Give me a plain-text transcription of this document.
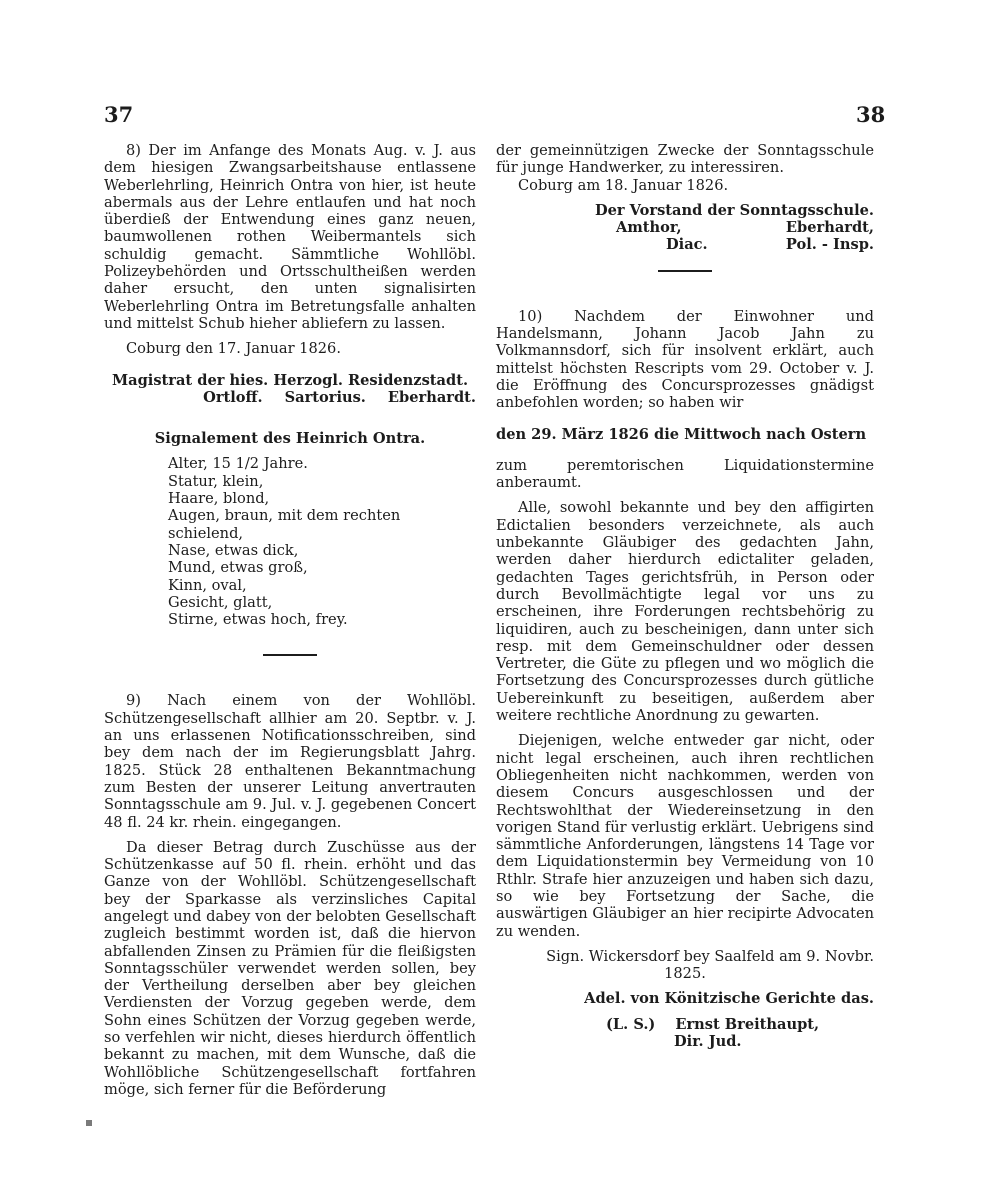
37	38

8) Der im Anfange des Monats Aug. v. J. aus dem hiesigen Zwangsarbeitshause entlassene Weberlehrling, Heinrich Ontra von hier, ist heute abermals aus der Lehre entlaufen und hat noch überdieß der Entwendung eines ganz neuen, baumwollenen rothen Weibermantels sich schuldig gemacht. Sämmtliche Wohllöbl. Polizeybehörden und Ortsschultheißen werden daher ersucht, den unten signalisirten Weberlehrling Ontra im Betretungsfalle anhalten und mittelst Schub hieher abliefern zu lassen.

Coburg den 17. Januar 1826.

Magistrat der hies. Herzogl. Residenzstadt.

Ortloff. Sartorius. Eberhardt.

Signalement des Heinrich Ontra.

Alter, 15 1/2 Jahre.
Statur, klein,
Haare, blond,
Augen, braun, mit dem rechten schielend,
Nase, etwas dick,
Mund, etwas groß,
Kinn, oval,
Gesicht, glatt,
Stirne, etwas hoch, frey.

9) Nach einem von der Wohllöbl. Schützengesellschaft allhier am 20. Septbr. v. J. an uns erlassenen Notificationsschreiben, sind bey dem nach der im Regierungsblatt Jahrg. 1825. Stück 28 enthaltenen Bekanntmachung zum Besten der unserer Leitung anvertrauten Sonntagsschule am 9. Jul. v. J. gegebenen Concert 48 fl. 24 kr. rhein. eingegangen.

Da dieser Betrag durch Zuschüsse aus der Schützenkasse auf 50 fl. rhein. erhöht und das Ganze von der Wohllöbl. Schützengesellschaft bey der Sparkasse als verzinsliches Capital angelegt und dabey von der belobten Gesellschaft zugleich bestimmt worden ist, daß die hiervon abfallenden Zinsen zu Prämien für die fleißigsten Sonntagsschüler verwendet werden sollen, bey der Vertheilung derselben aber bey gleichen Verdiensten der Vorzug gegeben werde, dem Sohn eines Schützen der Vorzug gegeben werde, so verfehlen wir nicht, dieses hierdurch öffentlich bekannt zu machen, mit dem Wunsche, daß die Wohllöbliche Schützengesellschaft fortfahren möge, sich ferner für die Beförderung

der gemeinnützigen Zwecke der Sonntagsschule für junge Handwerker, zu interessiren.

Coburg am 18. Januar 1826.

Der Vorstand der Sonntagsschule.

Amthor,	Eberhardt,
Diac.	Pol. - Insp.

10) Nachdem der Einwohner und Handelsmann, Johann Jacob Jahn zu Volkmannsdorf, sich für insolvent erklärt, auch mittelst höchsten Rescripts vom 29. October v. J. die Eröffnung des Concursprozesses gnädigst anbefohlen worden; so haben wir

den 29. März 1826 die Mittwoch nach Ostern

zum peremtorischen Liquidationstermine anberaumt.

Alle, sowohl bekannte und bey den affigirten Edictalien besonders verzeichnete, als auch unbekannte Gläubiger des gedachten Jahn, werden daher hierdurch edictaliter geladen, gedachten Tages gerichtsfrüh, in Person oder durch Bevollmächtigte legal vor uns zu erscheinen, ihre Forderungen rechtsbehörig zu liquidiren, auch zu bescheinigen, dann unter sich resp. mit dem Gemeinschuldner oder dessen Vertreter, die Güte zu pflegen und wo möglich die Fortsetzung des Concursprozesses durch gütliche Uebereinkunft zu beseitigen, außerdem aber weitere rechtliche Anordnung zu gewarten.

Diejenigen, welche entweder gar nicht, oder nicht legal erscheinen, auch ihren rechtlichen Obliegenheiten nicht nachkommen, werden von diesem Concurs ausgeschlossen und der Rechtswohlthat der Wiedereinsetzung in den vorigen Stand für verlustig erklärt. Uebrigens sind sämmtliche Anforderungen, längstens 14 Tage vor dem Liquidationstermin bey Vermeidung von 10 Rthlr. Strafe hier anzuzeigen und haben sich dazu, so wie bey Fortsetzung der Sache, die auswärtigen Gläubiger an hier recipirte Advocaten zu wenden.

Sign. Wickersdorf bey Saalfeld am 9. Novbr.

1825.

Adel. von Könitzische Gerichte das.

(L. S.) Ernst Breithaupt,

Dir. Jud.
